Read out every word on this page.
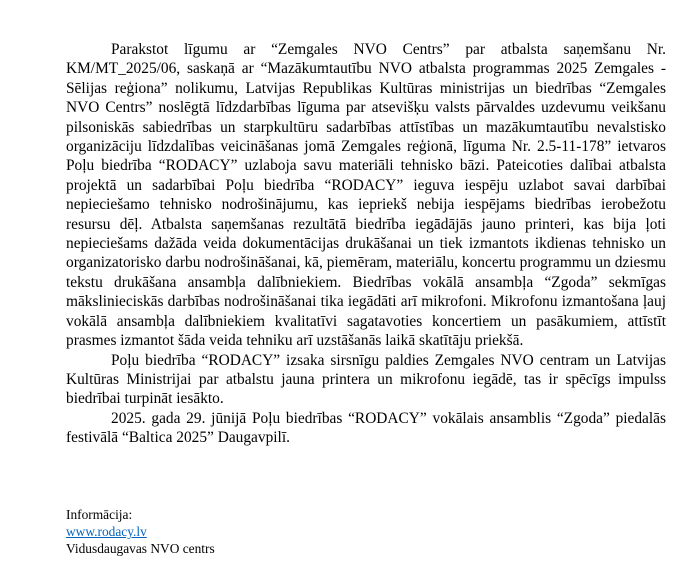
Parakstot līgumu ar “Zemgales NVO Centrs” par atbalsta saņemšanu Nr. KM/MT_2025/06, saskaņā ar “Mazākumtautību NVO atbalsta programmas 2025 Zemgales - Sēlijas reģiona” nolikumu, Latvijas Republikas Kultūras ministrijas un biedrības “Zemgales NVO Centrs” noslēgtā līdzdarbības līguma par atsevišķu valsts pārvaldes uzdevumu veikšanu pilsoniskās sabiedrības un starpkultūru sadarbības attīstības un mazākumtautību nevalstisko organizāciju līdzdalības veicināšanas jomā Zemgales reģionā, līguma Nr. 2.5-11-178” ietvaros Poļu biedrība “RODACY” uzlaboja savu materiāli tehnisko bāzi. Pateicoties dalībai atbalsta projektā un sadarbībai Poļu biedrība “RODACY” ieguva iespēju uzlabot savai darbībai nepieciešamo tehnisko nodrošinājumu, kas iepriekš nebija iespējams biedrības ierobežotu resursu dēļ. Atbalsta saņemšanas rezultātā biedrība iegādājās jauno printeri, kas bija ļoti nepieciešams dažāda veida dokumentācijas drukāšanai un tiek izmantots ikdienas tehnisko un organizatorisko darbu nodrošināšanai, kā, piemēram, materiālu, koncertu programmu un dziesmu tekstu drukāšana ansambļa dalībniekiem. Biedrības vokālā ansambļa “Zgoda” sekmīgas mākslinieciskās darbības nodrošināšanai tika iegādāti arī mikrofoni. Mikrofonu izmantošana ļauj vokālā ansambļa dalībniekiem kvalitatīvi sagatavoties koncertiem un pasākumiem, attīstīt prasmes izmantot šāda veida tehniku arī uzstāšanās laikā skatītāju priekšā.

Poļu biedrība “RODACY” izsaka sirsnīgu paldies Zemgales NVO centram un Latvijas Kultūras Ministrijai par atbalstu jauna printera un mikrofonu iegādē, tas ir spēcīgs impulss biedrībai turpināt iesākto.

2025. gada 29. jūnijā Poļu biedrības “RODACY” vokālais ansamblis “Zgoda” piedalās festivālā “Baltica 2025” Daugavpilī.

Informācija:
www.rodacy.lv
Vidusdaugavas NVO centrs
